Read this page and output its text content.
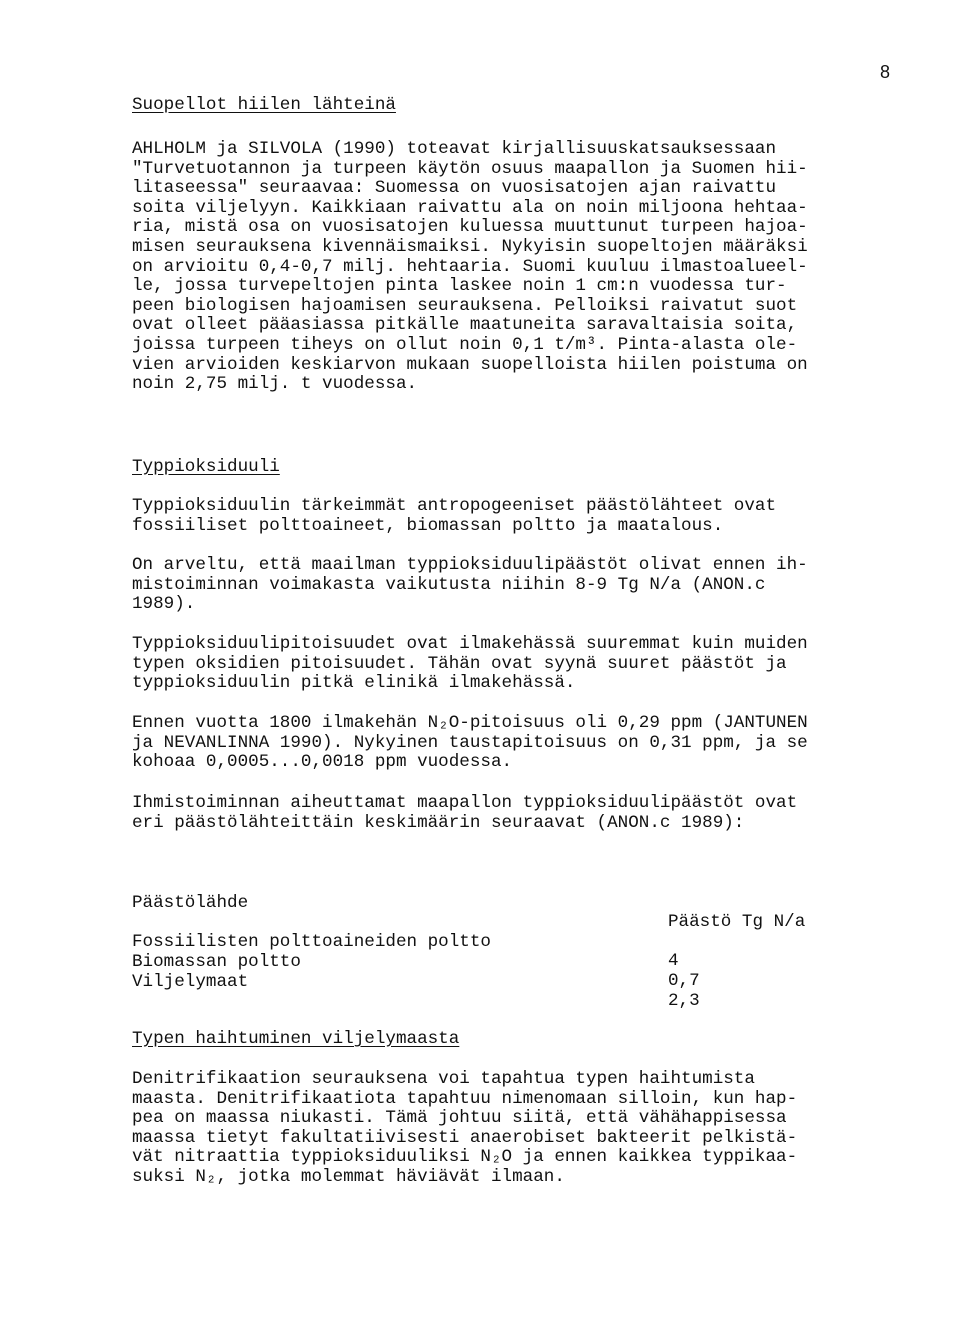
8
Suopellot hiilen lähteinä
AHLHOLM ja SILVOLA (1990) toteavat kirjallisuuskatsauksessaan
"Turvetuotannon ja turpeen käytön osuus maapallon ja Suomen hii-
litaseessa" seuraavaa: Suomessa on vuosisatojen ajan raivattu
soita viljelyyn. Kaikkiaan raivattu ala on noin miljoona hehtaa-
ria, mistä osa on vuosisatojen kuluessa muuttunut turpeen hajoa-
misen seurauksena kivennäismaiksi. Nykyisin suopeltojen määräksi
on arvioitu 0,4-0,7 milj. hehtaaria. Suomi kuuluu ilmastoalueel-
le, jossa turvepeltojen pinta laskee noin 1 cm:n vuodessa tur-
peen biologisen hajoamisen seurauksena. Pelloiksi raivatut suot
ovat olleet pääasiassa pitkälle maatuneita saravaltaisia soita,
joissa turpeen tiheys on ollut noin 0,1 t/m³. Pinta-alasta ole-
vien arvioiden keskiarvon mukaan suopelloista hiilen poistuma on
noin 2,75 milj. t vuodessa.
Typpioksiduuli
Typpioksiduulin tärkeimmät antropogeeniset päästölähteet ovat
fossiiliset polttoaineet, biomassan poltto ja maatalous.
On arveltu, että maailman typpioksiduulipäästöt olivat ennen ih-
mistoiminnan voimakasta vaikutusta niihin 8-9 Tg N/a (ANON.c
1989).
Typpioksiduulipitoisuudet ovat ilmakehässä suuremmat kuin muiden
typen oksidien pitoisuudet. Tähän ovat syynä suuret päästöt ja
typpioksiduulin pitkä elinikä ilmakehässä.
Ennen vuotta 1800 ilmakehän N₂O-pitoisuus oli 0,29 ppm (JANTUNEN
ja NEVANLINNA 1990). Nykyinen taustapitoisuus on 0,31 ppm, ja se
kohoaa 0,0005...0,0018 ppm vuodessa.
Ihmistoiminnan aiheuttamat maapallon typpioksiduulipäästöt ovat
eri päästölähteittäin keskimäärin seuraavat (ANON.c 1989):

Päästölähde

Päästö Tg N/a

Fossiilisten polttoaineiden poltto

4

Biomassan poltto

0,7

Viljelymaat

2,3

Typen haihtuminen viljelymaasta
Denitrifikaation seurauksena voi tapahtua typen haihtumista
maasta. Denitrifikaatiota tapahtuu nimenomaan silloin, kun hap-
pea on maassa niukasti. Tämä johtuu siitä, että vähähappisessa
maassa tietyt fakultatiivisesti anaerobiset bakteerit pelkistä-
vät nitraattia typpioksiduuliksi N₂O ja ennen kaikkea typpikaa-
suksi N₂, jotka molemmat häviävät ilmaan.
